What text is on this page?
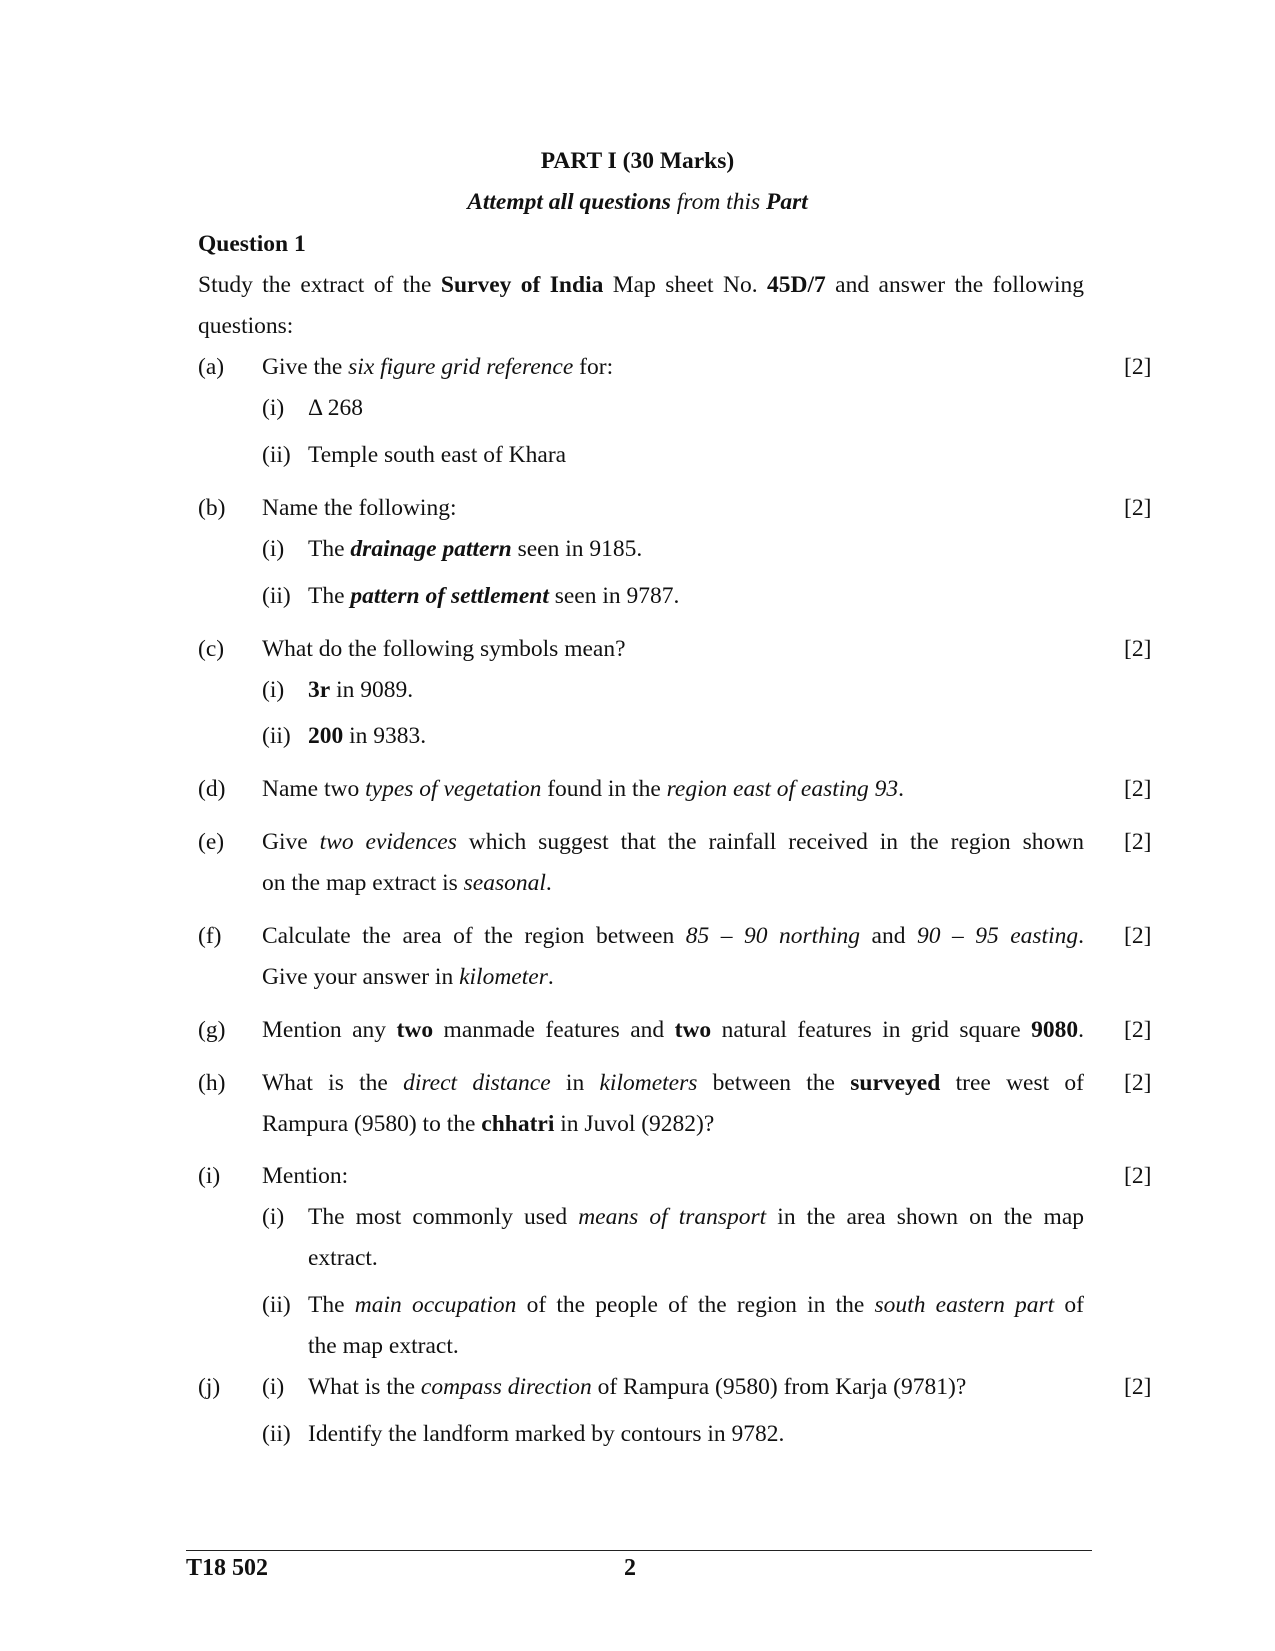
PART I (30 Marks)
Attempt all questions from this Part
Question 1
Study the extract of the Survey of India Map sheet No. 45D/7 and answer the following
questions:
(a) Give the six figure grid reference for:	[2]
(i) Δ 268
(ii) Temple south east of Khara
(b) Name the following:	[2]
(i) The drainage pattern seen in 9185.
(ii) The pattern of settlement seen in 9787.
(c) What do the following symbols mean?	[2]
(i) 3r in 9089.
(ii) 200 in 9383.
(d) Name two types of vegetation found in the region east of easting 93.	[2]
(e) Give two evidences which suggest that the rainfall received in the region shown [2]
on the map extract is seasonal.
(f) Calculate the area of the region between 85 – 90 northing and 90 – 95 easting. [2]
Give your answer in kilometer.
(g) Mention any two manmade features and two natural features in grid square 9080. [2]
(h) What is the direct distance in kilometers between the surveyed tree west of [2]
Rampura (9580) to the chhatri in Juvol (9282)?
(i) Mention:	[2]
(i) The most commonly used means of transport in the area shown on the map
extract.
(ii) The main occupation of the people of the region in the south eastern part of
the map extract.
(j) (i) What is the compass direction of Rampura (9580) from Karja (9781)?	[2]
(ii) Identify the landform marked by contours in 9782.
T18 502	2
